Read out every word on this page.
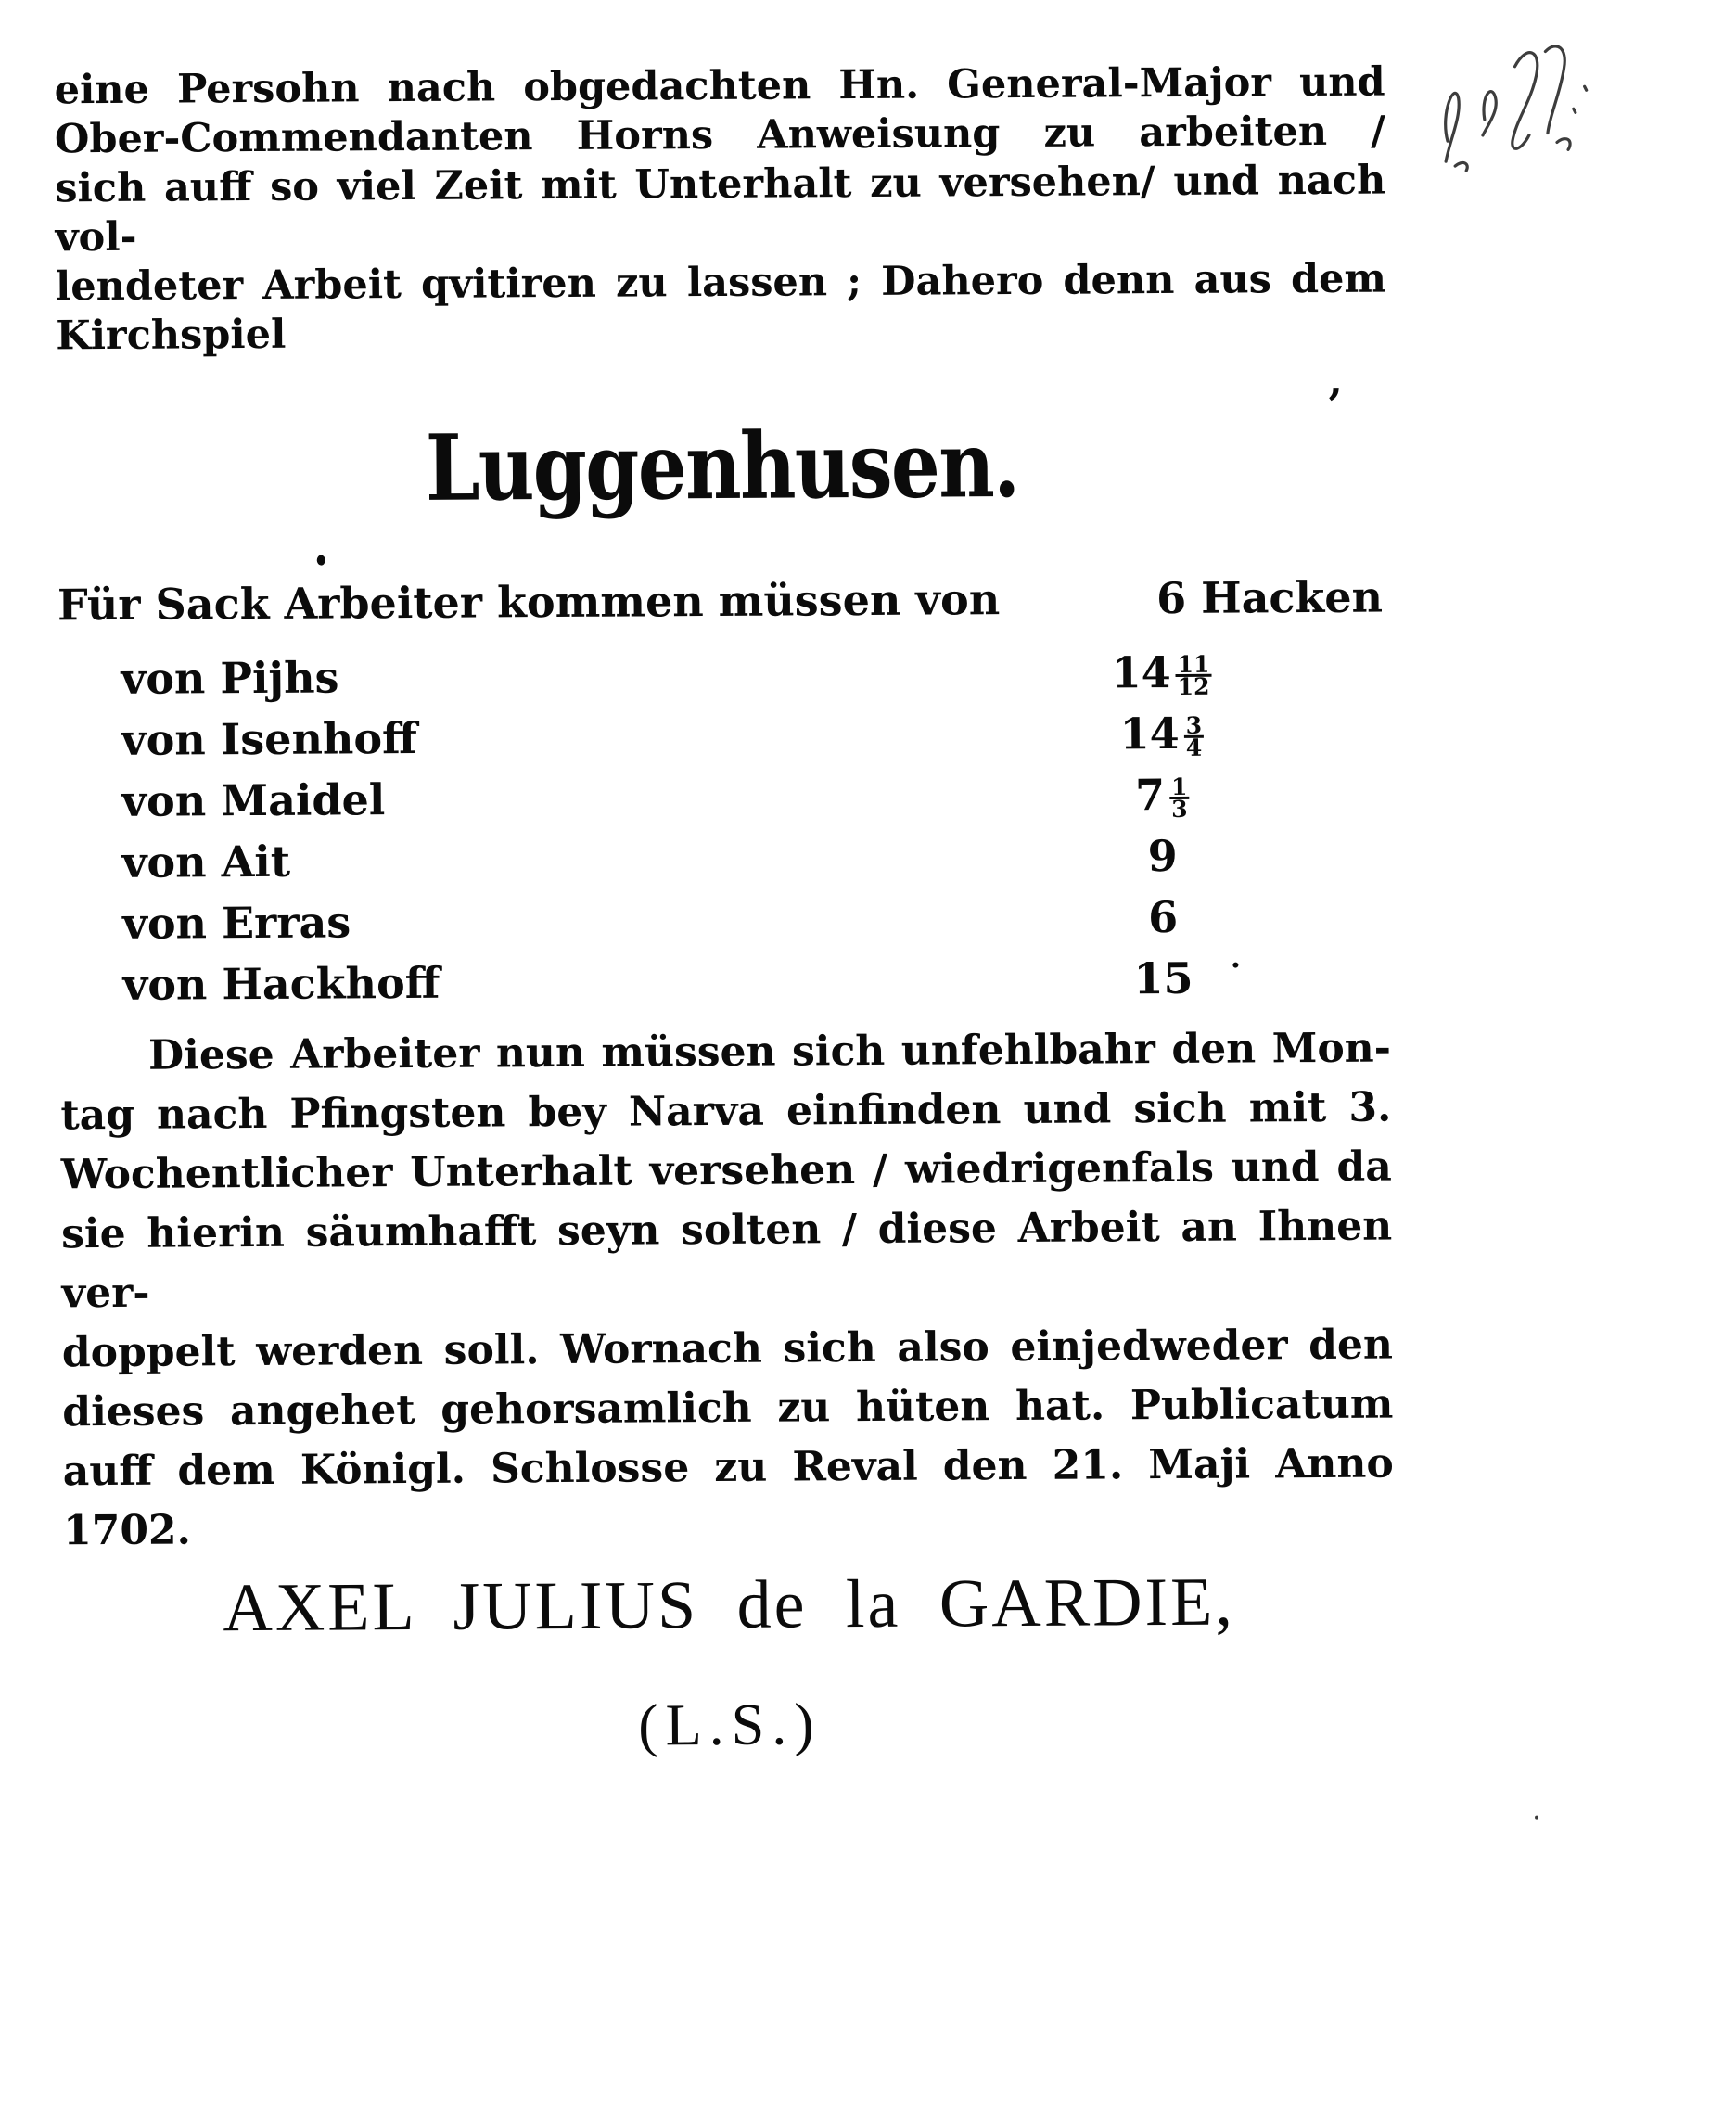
eine Persohn nach obgedachten Hn. General-Major und
Ober-Commendanten Horns Anweisung zu arbeiten /
sich auff so viel Zeit mit Unterhalt zu versehen/ und nach vol-
lendeter Arbeit qvitiren zu lassen ; Dahero denn aus dem
Kirchspiel
Luggenhusen.
Für Sack Arbeiter kommen müssen von	6 Hacken
von Pijhs	$14 \frac{11}{12}$
von Isenhoff	$14 \frac{3}{4}$
von Maidel	$7 \frac{1}{3}$
von Ait	9
von Erras	6
von Hackhoff	15
Diese Arbeiter nun müssen sich unfehlbahr den Mon-
tag nach Pfingsten bey Narva einfinden und sich mit 3.
Wochentlicher Unterhalt versehen / wiedrigenfals und da
sie hierin säumhafft seyn solten / diese Arbeit an Ihnen ver-
doppelt werden soll. Wornach sich also einjedweder den
dieses angehet gehorsamlich zu hüten hat. Publicatum
auff dem Königl. Schlosse zu Reval den 21. Maji Anno
1702.
AXEL JULIUS de la GARDIE,
(L.S.)
,
